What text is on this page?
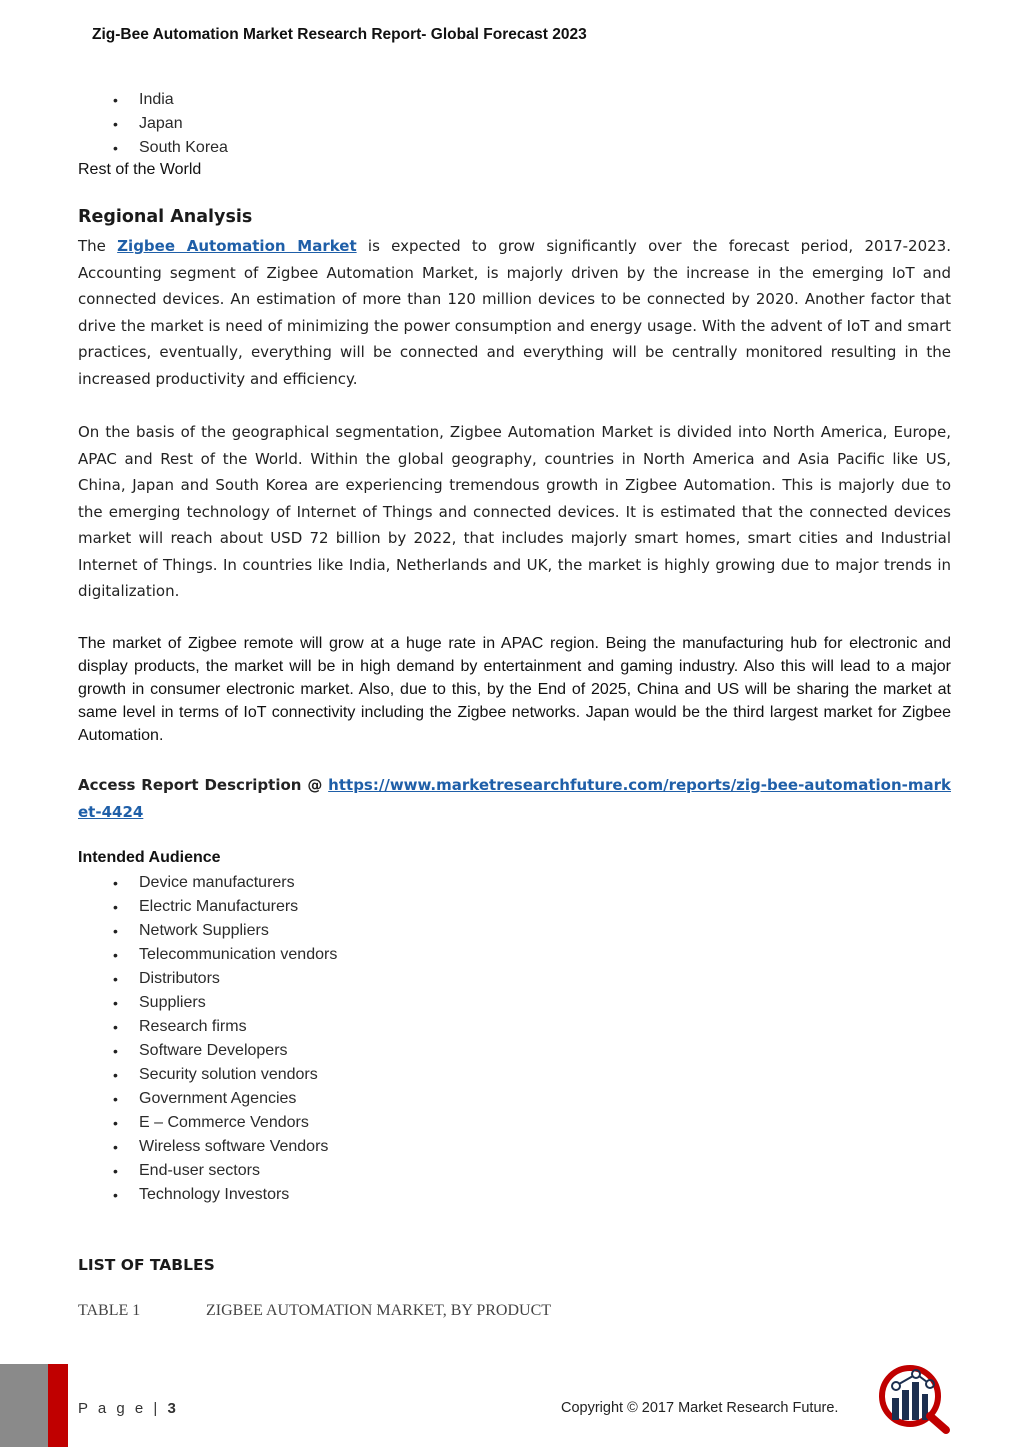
Zig-Bee Automation Market Research Report- Global Forecast 2023
• India
• Japan
• South Korea
Rest of the World
Regional Analysis

The Zigbee Automation Market is expected to grow significantly over the forecast period, 2017-2023. Accounting segment of Zigbee Automation Market, is majorly driven by the increase in the emerging IoT and connected devices. An estimation of more than 120 million devices to be connected by 2020. Another factor that drive the market is need of minimizing the power consumption and energy usage. With the advent of IoT and smart practices, eventually, everything will be connected and everything will be centrally monitored resulting in the increased productivity and efficiency.

On the basis of the geographical segmentation, Zigbee Automation Market is divided into North America, Europe, APAC and Rest of the World. Within the global geography, countries in North America and Asia Pacific like US, China, Japan and South Korea are experiencing tremendous growth in Zigbee Automation. This is majorly due to the emerging technology of Internet of Things and connected devices. It is estimated that the connected devices market will reach about USD 72 billion by 2022, that includes majorly smart homes, smart cities and Industrial Internet of Things. In countries like India, Netherlands and UK, the market is highly growing due to major trends in digitalization.

The market of Zigbee remote will grow at a huge rate in APAC region. Being the manufacturing hub for electronic and display products, the market will be in high demand by entertainment and gaming industry. Also this will lead to a major growth in consumer electronic market. Also, due to this, by the End of 2025, China and US will be sharing the market at same level in terms of IoT connectivity including the Zigbee networks. Japan would be the third largest market for Zigbee Automation.

Access Report Description @ https://www.marketresearchfuture.com/reports/zig-bee-automation-market-4424

Intended Audience
• Device manufacturers
• Electric Manufacturers
• Network Suppliers
• Telecommunication vendors
• Distributors
• Suppliers
• Research firms
• Software Developers
• Security solution vendors
• Government Agencies
• E – Commerce Vendors
• Wireless software Vendors
• End-user sectors
• Technology Investors
LIST OF TABLES
TABLE 1	ZIGBEE AUTOMATION MARKET, BY PRODUCT
P a g e | 3	Copyright © 2017 Market Research Future.
